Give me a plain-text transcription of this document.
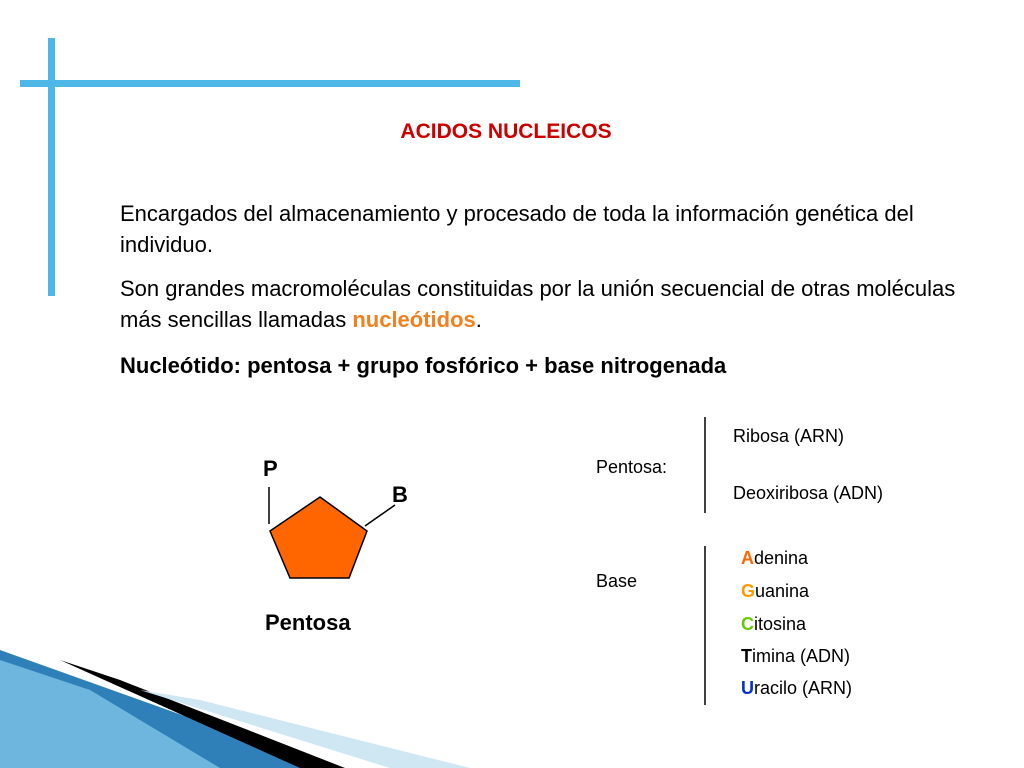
ACIDOS NUCLEICOS
Encargados del almacenamiento y procesado de toda la información genética del individuo.
Son grandes macromoléculas constituidas por la unión secuencial de otras moléculas más sencillas llamadas nucleótidos.
Nucleótido: pentosa + grupo fosfórico + base nitrogenada
P
B
Pentosa
Pentosa:
Ribosa (ARN)
Deoxiribosa (ADN)
Base
Adenina
Guanina
Citosina
Timina (ADN)
Uracilo (ARN)
